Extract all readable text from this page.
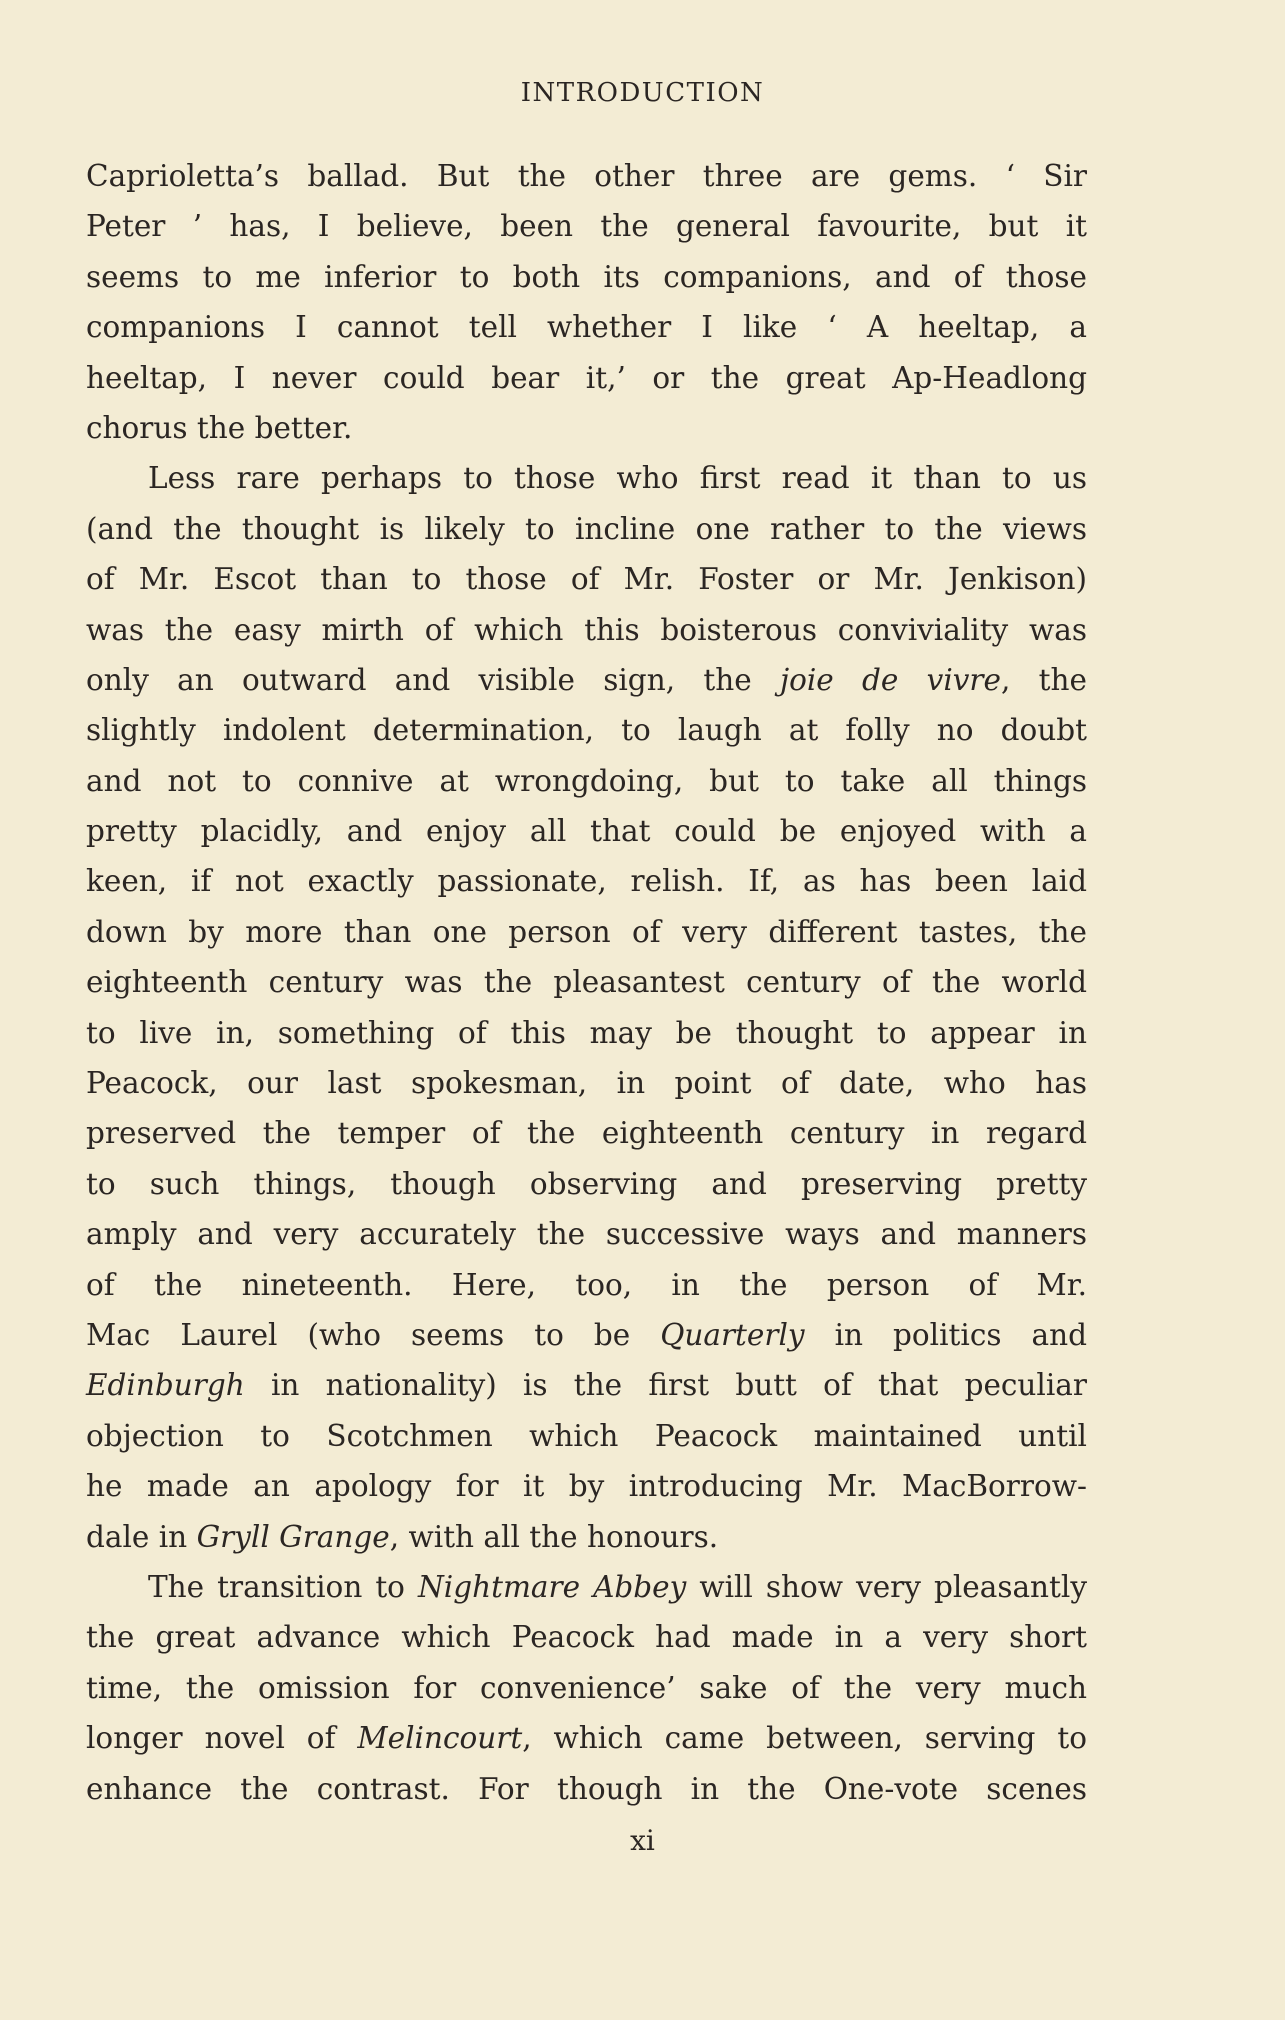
INTRODUCTION
Caprioletta’s ballad. But the other three are gems. ‘ Sir
Peter ’ has, I believe, been the general favourite, but it
seems to me inferior to both its companions, and of those
companions I cannot tell whether I like ‘ A heeltap, a
heeltap, I never could bear it,’ or the great Ap-Headlong
chorus the better.
Less rare perhaps to those who first read it than to us
(and the thought is likely to incline one rather to the views
of Mr. Escot than to those of Mr. Foster or Mr. Jenkison)
was the easy mirth of which this boisterous conviviality was
only an outward and visible sign, the joie de vivre, the
slightly indolent determination, to laugh at folly no doubt
and not to connive at wrongdoing, but to take all things
pretty placidly, and enjoy all that could be enjoyed with a
keen, if not exactly passionate, relish. If, as has been laid
down by more than one person of very different tastes, the
eighteenth century was the pleasantest century of the world
to live in, something of this may be thought to appear in
Peacock, our last spokesman, in point of date, who has
preserved the temper of the eighteenth century in regard
to such things, though observing and preserving pretty
amply and very accurately the successive ways and manners
of the nineteenth. Here, too, in the person of Mr.
Mac Laurel (who seems to be Quarterly in politics and
Edinburgh in nationality) is the first butt of that peculiar
objection to Scotchmen which Peacock maintained until
he made an apology for it by introducing Mr. MacBorrow-
dale in Gryll Grange, with all the honours.
The transition to Nightmare Abbey will show very pleasantly
the great advance which Peacock had made in a very short
time, the omission for convenience’ sake of the very much
longer novel of Melincourt, which came between, serving to
enhance the contrast. For though in the One-vote scenes
xi
